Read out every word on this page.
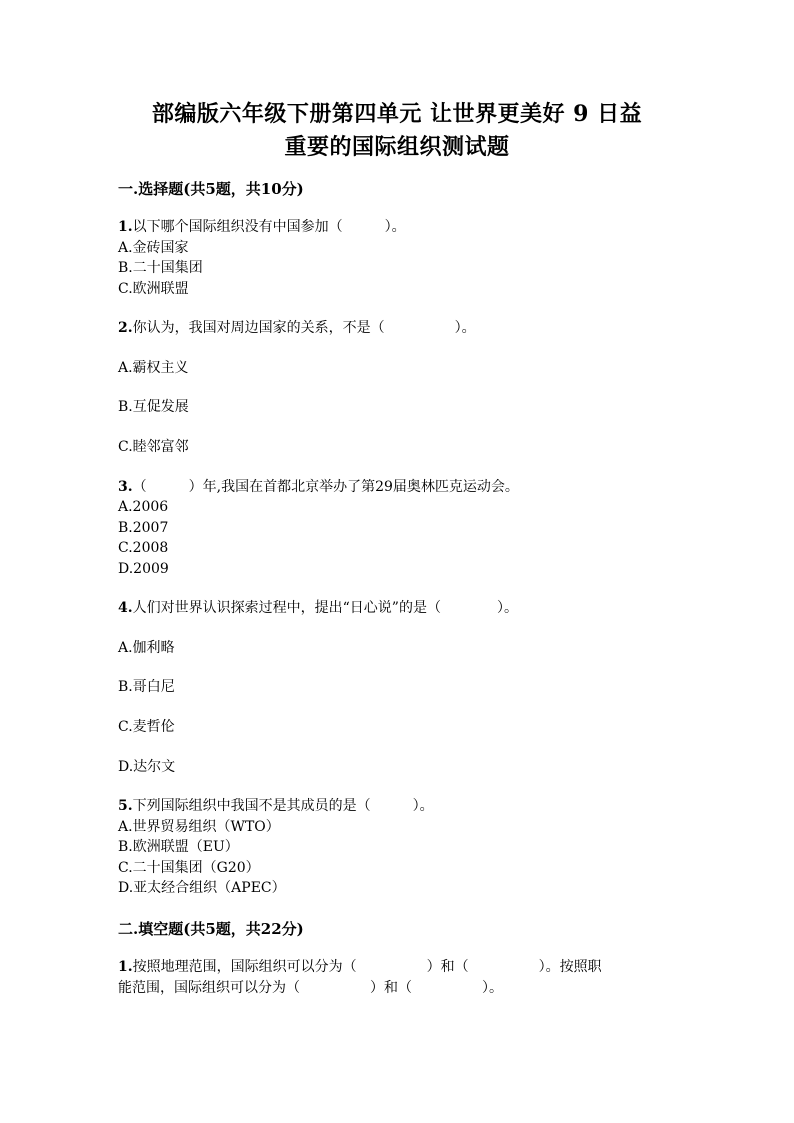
部编版六年级下册第四单元 让世界更美好 9 日益
重要的国际组织测试题
一.选择题(共5题，共10分)
1.以下哪个国际组织没有中国参加（　　　）。
A.金砖国家
B.二十国集团
C.欧洲联盟
2.你认为，我国对周边国家的关系，不是（　　　　　）。
A.霸权主义
B.互促发展
C.睦邻富邻
3.（　　　）年,我国在首都北京举办了第29届奥林匹克运动会。
A.2006
B.2007
C.2008
D.2009
4.人们对世界认识探索过程中，提出“日心说”的是（　　　　）。
A.伽利略
B.哥白尼
C.麦哲伦
D.达尔文
5.下列国际组织中我国不是其成员的是（　　　）。
A.世界贸易组织（WTO）
B.欧洲联盟（EU）
C.二十国集团（G20）
D.亚太经合组织（APEC）
二.填空题(共5题，共22分)
1.按照地理范围，国际组织可以分为（　　　　　）和（　　　　　）。按照职
能范围，国际组织可以分为（　　　　　）和（　　　　　）。
